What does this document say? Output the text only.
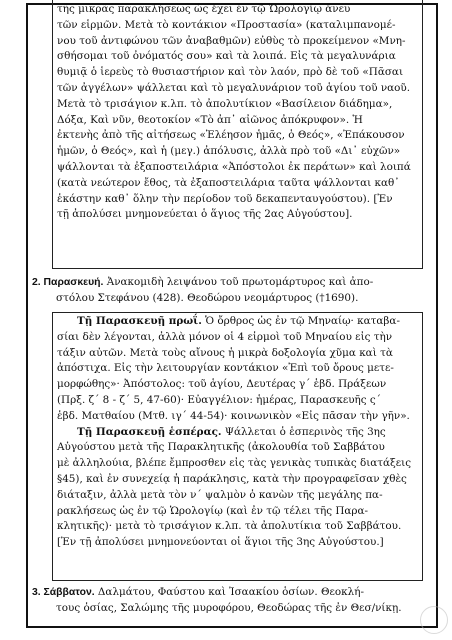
τῆς μικρᾶς παρακλήσεως ὡς ἔχει ἐν τῷ Ὡρολογίῳ ἄνευ
τῶν εἱρμῶν. Μετὰ τὸ κοντάκιον «Προστασία» (καταλιμπανομέ-
νου τοῦ ἀντιφώνου τῶν ἀναβαθμῶν) εὐθὺς τὸ προκείμενον «Μνη-
σθήσομαι τοῦ ὀνόματός σου» καὶ τὰ λοιπά. Εἰς τὰ μεγαλυνάρια
θυμιᾷ ὁ ἱερεὺς τὸ θυσιαστήριον καὶ τὸν λαόν, πρὸ δὲ τοῦ «Πᾶσαι
τῶν ἀγγέλων» ψάλλεται καὶ τὸ μεγαλυνάριον τοῦ ἁγίου τοῦ ναοῦ.
Μετὰ τὸ τρισάγιον κ.λπ. τὸ ἀπολυτίκιον «Βασίλειον διάδημα»,
Δόξα, Καὶ νῦν, θεοτοκίον «Τὸ ἀπ᾽ αἰῶνος ἀπόκρυφον». Ἡ
ἐκτενὴς ἀπὸ τῆς αἰτήσεως «Ἐλέησον ἡμᾶς, ὁ Θεός», «Ἐπάκουσον
ἡμῶν, ὁ Θεός», καὶ ἡ (μεγ.) ἀπόλυσις, ἀλλὰ πρὸ τοῦ «Δι᾽ εὐχῶν»
ψάλλονται τὰ ἐξαποστειλάρια «Ἀπόστολοι ἐκ περάτων» καὶ λοιπά
(κατὰ νεώτερον ἔθος, τὰ ἐξαποστειλάρια ταῦτα ψάλλονται καθ᾽
ἑκάστην καθ᾽ ὅλην τὴν περίοδον τοῦ δεκαπενταυγούστου). [Ἐν
τῇ ἀπολύσει μνημονεύεται ὁ ἅγιος τῆς 2ας Αὐγούστου].
2. Παρασκευή. Ἀνακομιδὴ λειψάνου τοῦ πρωτομάρτυρος καὶ ἀπο-
στόλου Στεφάνου (428). Θεοδώρου νεομάρτυρος (†1690).
Τῇ Παρασκευῇ πρωΐ. Ὁ ὄρθρος ὡς ἐν τῷ Μηναίῳ· καταβα-
σίαι δὲν λέγονται, ἀλλὰ μόνον οἱ 4 εἱρμοὶ τοῦ Μηναίου εἰς τὴν
τάξιν αὐτῶν. Μετὰ τοὺς αἴνους ἡ μικρὰ δοξολογία χῦμα καὶ τὰ
ἀπόστιχα. Εἰς τὴν λειτουργίαν κοντάκιον «Ἐπὶ τοῦ ὄρους μετε-
μορφώθης»· Ἀπόστολος: τοῦ ἁγίου, Δευτέρας γ´ ἑβδ. Πράξεων
(Πρξ. ζ´ 8 - ζ´ 5, 47-60)· Εὐαγγέλιον: ἡμέρας, Παρασκευῆς ς´
ἑβδ. Ματθαίου (Μτθ. ιγ´ 44-54)· κοινωνικὸν «Εἰς πᾶσαν τὴν γῆν».
Τῇ Παρασκευῇ ἑσπέρας. Ψάλλεται ὁ ἑσπερινὸς τῆς 3ης
Αὐγούστου μετὰ τῆς Παρακλητικῆς (ἀκολουθία τοῦ Σαββάτου
μὲ ἀλληλούια, βλέπε ἔμπροσθεν εἰς τὰς γενικὰς τυπικὰς διατάξεις
§45), καὶ ἐν συνεχείᾳ ἡ παράκλησις, κατὰ τὴν προγραφεῖσαν χθὲς
διάταξιν, ἀλλὰ μετὰ τὸν ν´ ψαλμὸν ὁ κανὼν τῆς μεγάλης πα-
ρακλήσεως ὡς ἐν τῷ Ὡρολογίῳ (καὶ ἐν τῷ τέλει τῆς Παρα-
κλητικῆς)· μετὰ τὸ τρισάγιον κ.λπ. τὰ ἀπολυτίκια τοῦ Σαββάτου.
[Ἐν τῇ ἀπολύσει μνημονεύονται οἱ ἅγιοι τῆς 3ης Αὐγούστου.]
3. Σάββατον. Δαλμάτου, Φαύστου καὶ Ἰσαακίου ὁσίων. Θεοκλή-
τους ὁσίας, Σαλώμης τῆς μυροφόρου, Θεοδώρας τῆς ἐν Θεσ/νίκῃ.
